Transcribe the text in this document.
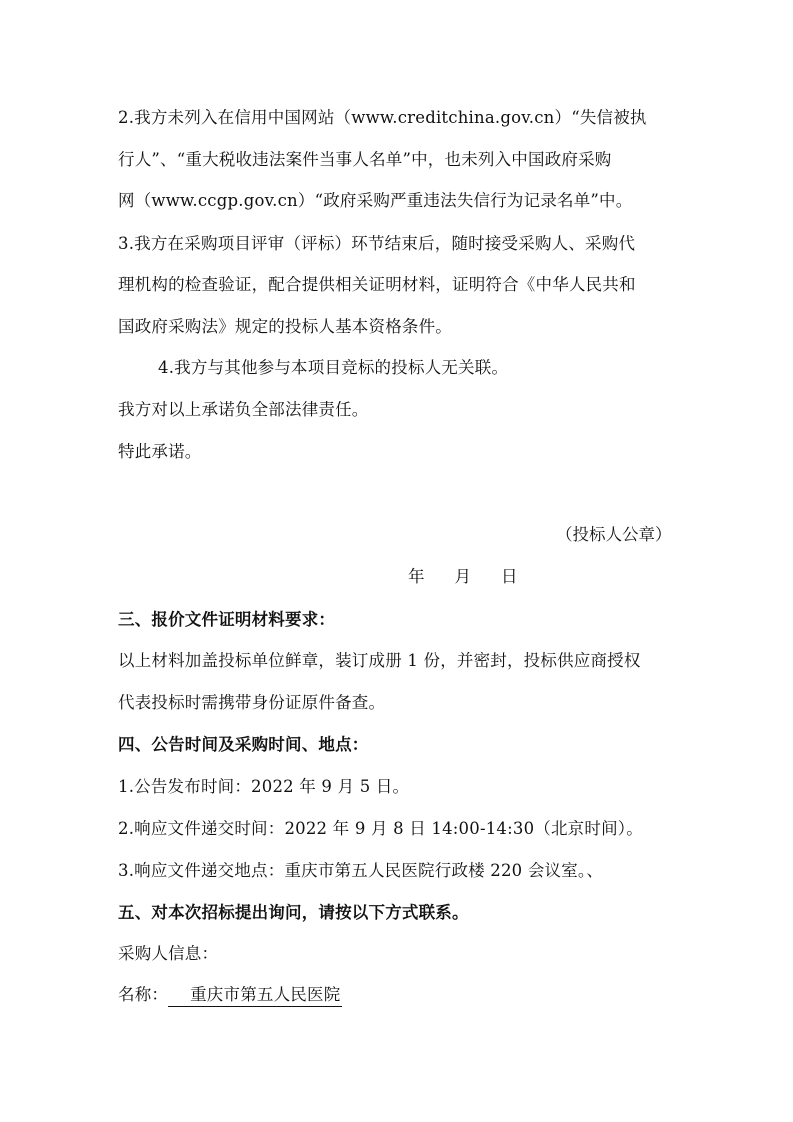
2.我方未列入在信用中国网站（www.creditchina.gov.cn）“失信被执
行人”、“重大税收违法案件当事人名单”中，也未列入中国政府采购
网（www.ccgp.gov.cn）“政府采购严重违法失信行为记录名单”中。
3.我方在采购项目评审（评标）环节结束后，随时接受采购人、采购代
理机构的检查验证，配合提供相关证明材料，证明符合《中华人民共和
国政府采购法》规定的投标人基本资格条件。
4.我方与其他参与本项目竞标的投标人无关联。
我方对以上承诺负全部法律责任。
特此承诺。
（投标人公章）
年 月 日
三、报价文件证明材料要求：
以上材料加盖投标单位鲜章，装订成册 1 份，并密封，投标供应商授权
代表投标时需携带身份证原件备查。
四、公告时间及采购时间、地点：
1.公告发布时间：2022 年 9 月 5 日。
2.响应文件递交时间：2022 年 9 月 8 日 14:00-14:30（北京时间）。
3.响应文件递交地点：重庆市第五人民医院行政楼 220 会议室。、
五、对本次招标提出询问，请按以下方式联系。
采购人信息：
名称： 重庆市第五人民医院
